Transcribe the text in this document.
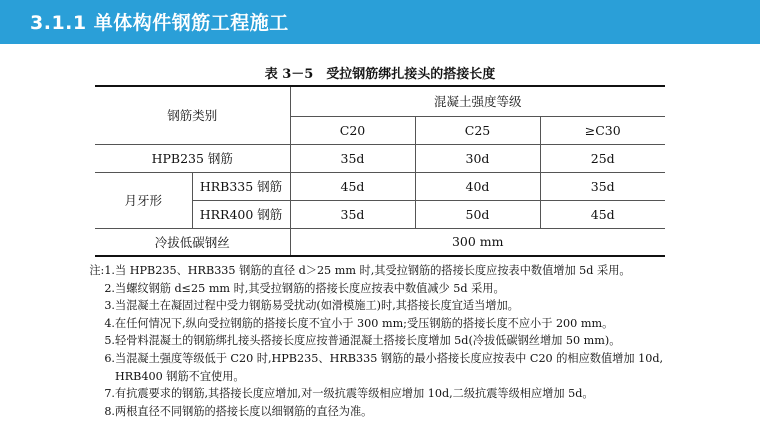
3.1.1 单体构件钢筋工程施工
表 3－5　受拉钢筋绑扎接头的搭接长度
钢筋类别		混凝土强度等级		
		C20	C25	≥C30
HPB235 钢筋		35d	30d	25d
月牙形	HRB335 钢筋	45d	40d	35d
	HRR400 钢筋	35d	50d	45d
冷拔低碳钢丝		300 mm		
注:1.当 HPB235、HRB335 钢筋的直径 d＞25 mm 时,其受拉钢筋的搭接长度应按表中数值增加 5d 采用。
2.当螺纹钢筋 d≤25 mm 时,其受拉钢筋的搭接长度应按表中数值减少 5d 采用。
3.当混凝土在凝固过程中受力钢筋易受扰动(如滑模施工)时,其搭接长度宜适当增加。
4.在任何情况下,纵向受拉钢筋的搭接长度不宜小于 300 mm;受压钢筋的搭接长度不应小于 200 mm。
5.轻骨料混凝土的钢筋绑扎接头搭接长度应按普通混凝土搭接长度增加 5d(冷拔低碳钢丝增加 50 mm)。
6.当混凝土强度等级低于 C20 时,HPB235、HRB335 钢筋的最小搭接长度应按表中 C20 的相应数值增加 10d,
HRB400 钢筋不宜使用。
7.有抗震要求的钢筋,其搭接长度应增加,对一级抗震等级相应增加 10d,二级抗震等级相应增加 5d。
8.两根直径不同钢筋的搭接长度以细钢筋的直径为准。
